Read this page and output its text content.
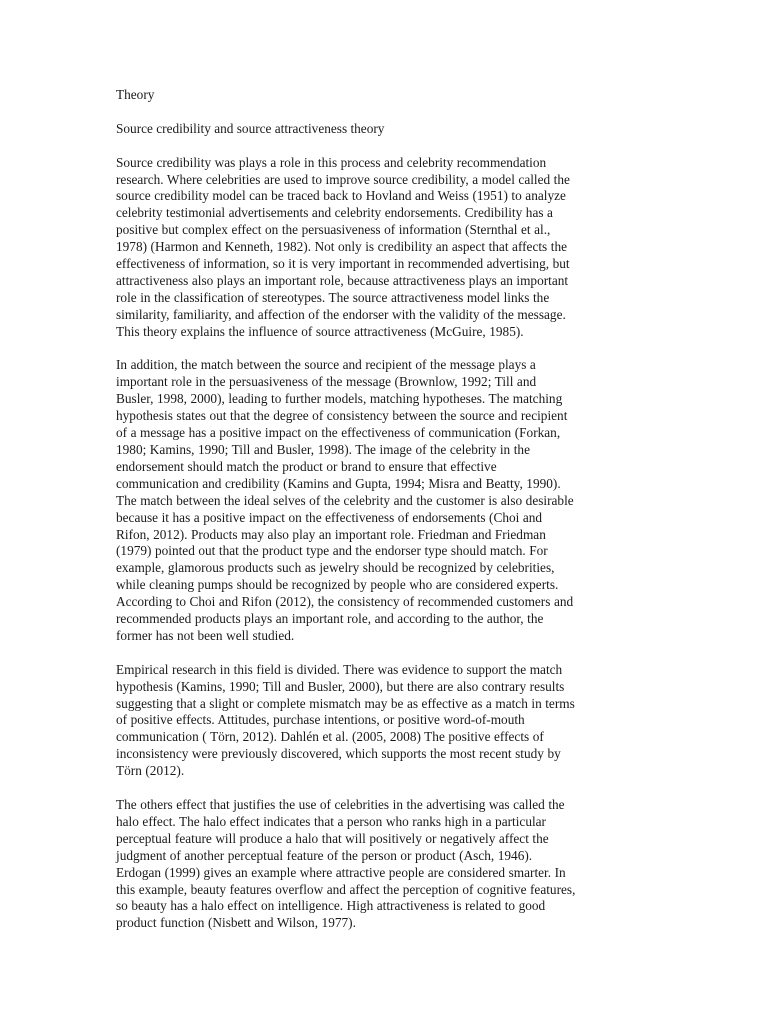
Theory

Source credibility and source attractiveness theory

Source credibility was plays a role in this process and celebrity recommendation
research. Where celebrities are used to improve source credibility, a model called the
source credibility model can be traced back to Hovland and Weiss (1951) to analyze
celebrity testimonial advertisements and celebrity endorsements. Credibility has a
positive but complex effect on the persuasiveness of information (Sternthal et al.,
1978) (Harmon and Kenneth, 1982). Not only is credibility an aspect that affects the
effectiveness of information, so it is very important in recommended advertising, but
attractiveness also plays an important role, because attractiveness plays an important
role in the classification of stereotypes. The source attractiveness model links the
similarity, familiarity, and affection of the endorser with the validity of the message.
This theory explains the influence of source attractiveness (McGuire, 1985).

In addition, the match between the source and recipient of the message plays a
important role in the persuasiveness of the message (Brownlow, 1992; Till and
Busler, 1998, 2000), leading to further models, matching hypotheses. The matching
hypothesis states out that the degree of consistency between the source and recipient
of a message has a positive impact on the effectiveness of communication (Forkan,
1980; Kamins, 1990; Till and Busler, 1998). The image of the celebrity in the
endorsement should match the product or brand to ensure that effective
communication and credibility (Kamins and Gupta, 1994; Misra and Beatty, 1990).
The match between the ideal selves of the celebrity and the customer is also desirable
because it has a positive impact on the effectiveness of endorsements (Choi and
Rifon, 2012). Products may also play an important role. Friedman and Friedman
(1979) pointed out that the product type and the endorser type should match. For
example, glamorous products such as jewelry should be recognized by celebrities,
while cleaning pumps should be recognized by people who are considered experts.
According to Choi and Rifon (2012), the consistency of recommended customers and
recommended products plays an important role, and according to the author, the
former has not been well studied.

Empirical research in this field is divided. There was evidence to support the match
hypothesis (Kamins, 1990; Till and Busler, 2000), but there are also contrary results
suggesting that a slight or complete mismatch may be as effective as a match in terms
of positive effects. Attitudes, purchase intentions, or positive word-of-mouth
communication ( Törn, 2012). Dahlén et al. (2005, 2008) The positive effects of
inconsistency were previously discovered, which supports the most recent study by
Törn (2012).

The others effect that justifies the use of celebrities in the advertising was called the
halo effect. The halo effect indicates that a person who ranks high in a particular
perceptual feature will produce a halo that will positively or negatively affect the
judgment of another perceptual feature of the person or product (Asch, 1946).
Erdogan (1999) gives an example where attractive people are considered smarter. In
this example, beauty features overflow and affect the perception of cognitive features,
so beauty has a halo effect on intelligence. High attractiveness is related to good
product function (Nisbett and Wilson, 1977).
